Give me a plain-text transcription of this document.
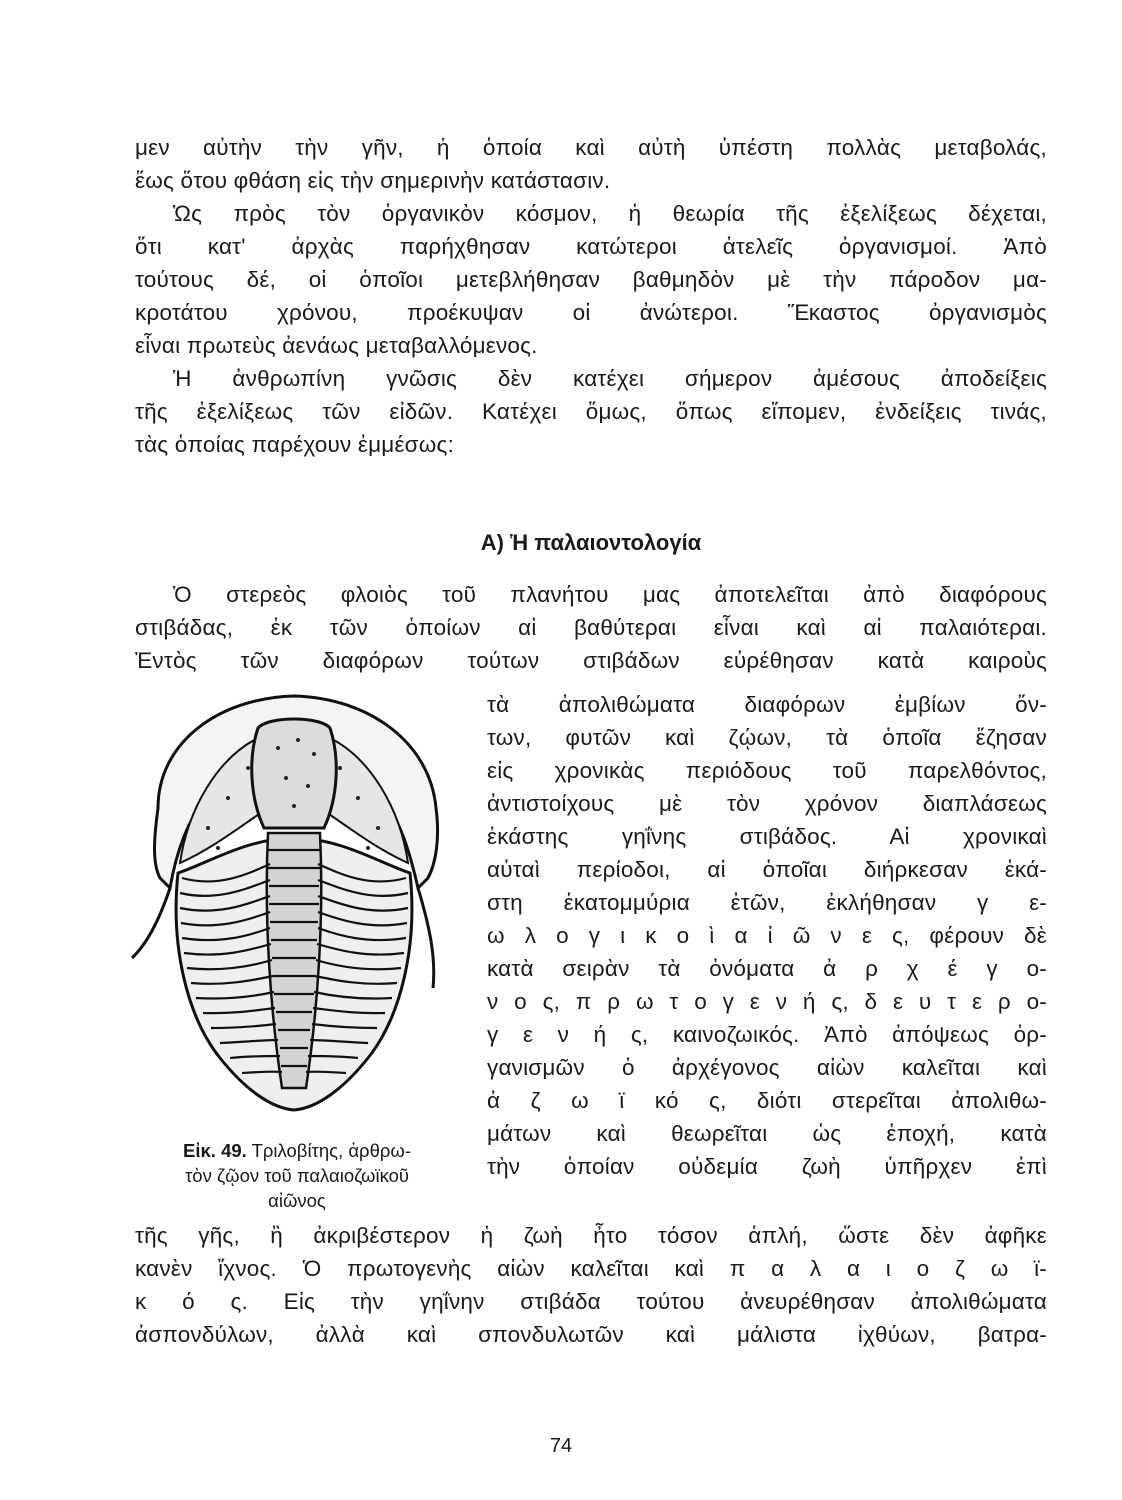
μεν αὐτὴν τὴν γῆν, ἡ ὁποία καὶ αὐτὴ ὑπέστη πολλὰς μεταβολάς,
ἕως ὅτου φθάση εἰς τὴν σημερινὴν κατάστασιν.
Ὡς πρὸς τὸν ὀργανικὸν κόσμον, ἡ θεωρία τῆς ἐξελίξεως δέχεται,
ὅτι κατ' ἀρχὰς παρήχθησαν κατώτεροι ἀτελεῖς ὀργανισμοί. Ἀπὸ
τούτους δέ, οἱ ὁποῖοι μετεβλήθησαν βαθμηδὸν μὲ τὴν πάροδον μα-
κροτάτου χρόνου, προέκυψαν οἱ ἀνώτεροι. Ἕκαστος ὀργανισμὸς
εἶναι πρωτεὺς ἀενάως μεταβαλλόμενος.
Ἡ ἀνθρωπίνη γνῶσις δὲν κατέχει σήμερον ἀμέσους ἀποδείξεις
τῆς ἐξελίξεως τῶν εἰδῶν. Κατέχει ὅμως, ὅπως εἴπομεν, ἐνδείξεις τινάς,
τὰς ὁποίας παρέχουν ἐμμέσως:
Α) Ἡ παλαιοντολογία
Ὁ στερεὸς φλοιὸς τοῦ πλανήτου μας ἀποτελεῖται ἀπὸ διαφόρους
στιβάδας, ἐκ τῶν ὁποίων αἱ βαθύτεραι εἶναι καὶ αἱ παλαιότεραι.
Ἐντὸς τῶν διαφόρων τούτων στιβάδων εὑρέθησαν κατὰ καιροὺς
τὰ ἀπολιθώματα διαφόρων ἐμβίων ὄν-
των, φυτῶν καὶ ζῴων, τὰ ὁποῖα ἔζησαν
εἰς χρονικὰς περιόδους τοῦ παρελθόντος,
ἀντιστοίχους μὲ τὸν χρόνον διαπλάσεως
ἑκάστης γηΐνης στιβάδος. Αἱ χρονικαὶ
αὐταὶ περίοδοι, αἱ ὁποῖαι διήρκεσαν ἑκά-
στη ἑκατομμύρια ἐτῶν, ἐκλήθησαν γ ε-
ω λ ο γ ι κ ο ὶ α ἰ ῶ ν ε ς, φέρουν δὲ
κατὰ σειρὰν τὰ ὀνόματα ἀ ρ χ έ γ ο-
ν ο ς, π ρ ω τ ο γ ε ν ή ς, δ ε υ τ ε ρ ο-
γ ε ν ή ς, καινοζωικός. Ἀπὸ ἀπόψεως ὀρ-
γανισμῶν ὁ ἀρχέγονος αἰὼν καλεῖται καὶ
ἀ ζ ω ϊ κό ς, διότι στερεῖται ἀπολιθω-
μάτων καὶ θεωρεῖται ὡς ἐποχή, κατὰ
τὴν ὁποίαν οὐδεμία ζωὴ ὑπῆρχεν ἐπὶ
Εἰκ. 49. Τριλοβίτης, ἀρθρω-
τὸν ζῷον τοῦ παλαιοζωϊκοῦ
αἰῶνος
τῆς γῆς, ἢ ἀκριβέστερον ἡ ζωὴ ἦτο τόσον ἁπλή, ὥστε δὲν ἀφῆκε
κανὲν ἴχνος. Ὁ πρωτογενὴς αἰὼν καλεῖται καὶ π α λ α ι ο ζ ω ϊ-
κ ό ς. Εἰς τὴν γηΐνην στιβάδα τούτου ἀνευρέθησαν ἀπολιθώματα
ἀσπονδύλων, ἀλλὰ καὶ σπονδυλωτῶν καὶ μάλιστα ἰχθύων, βατρα-
74
